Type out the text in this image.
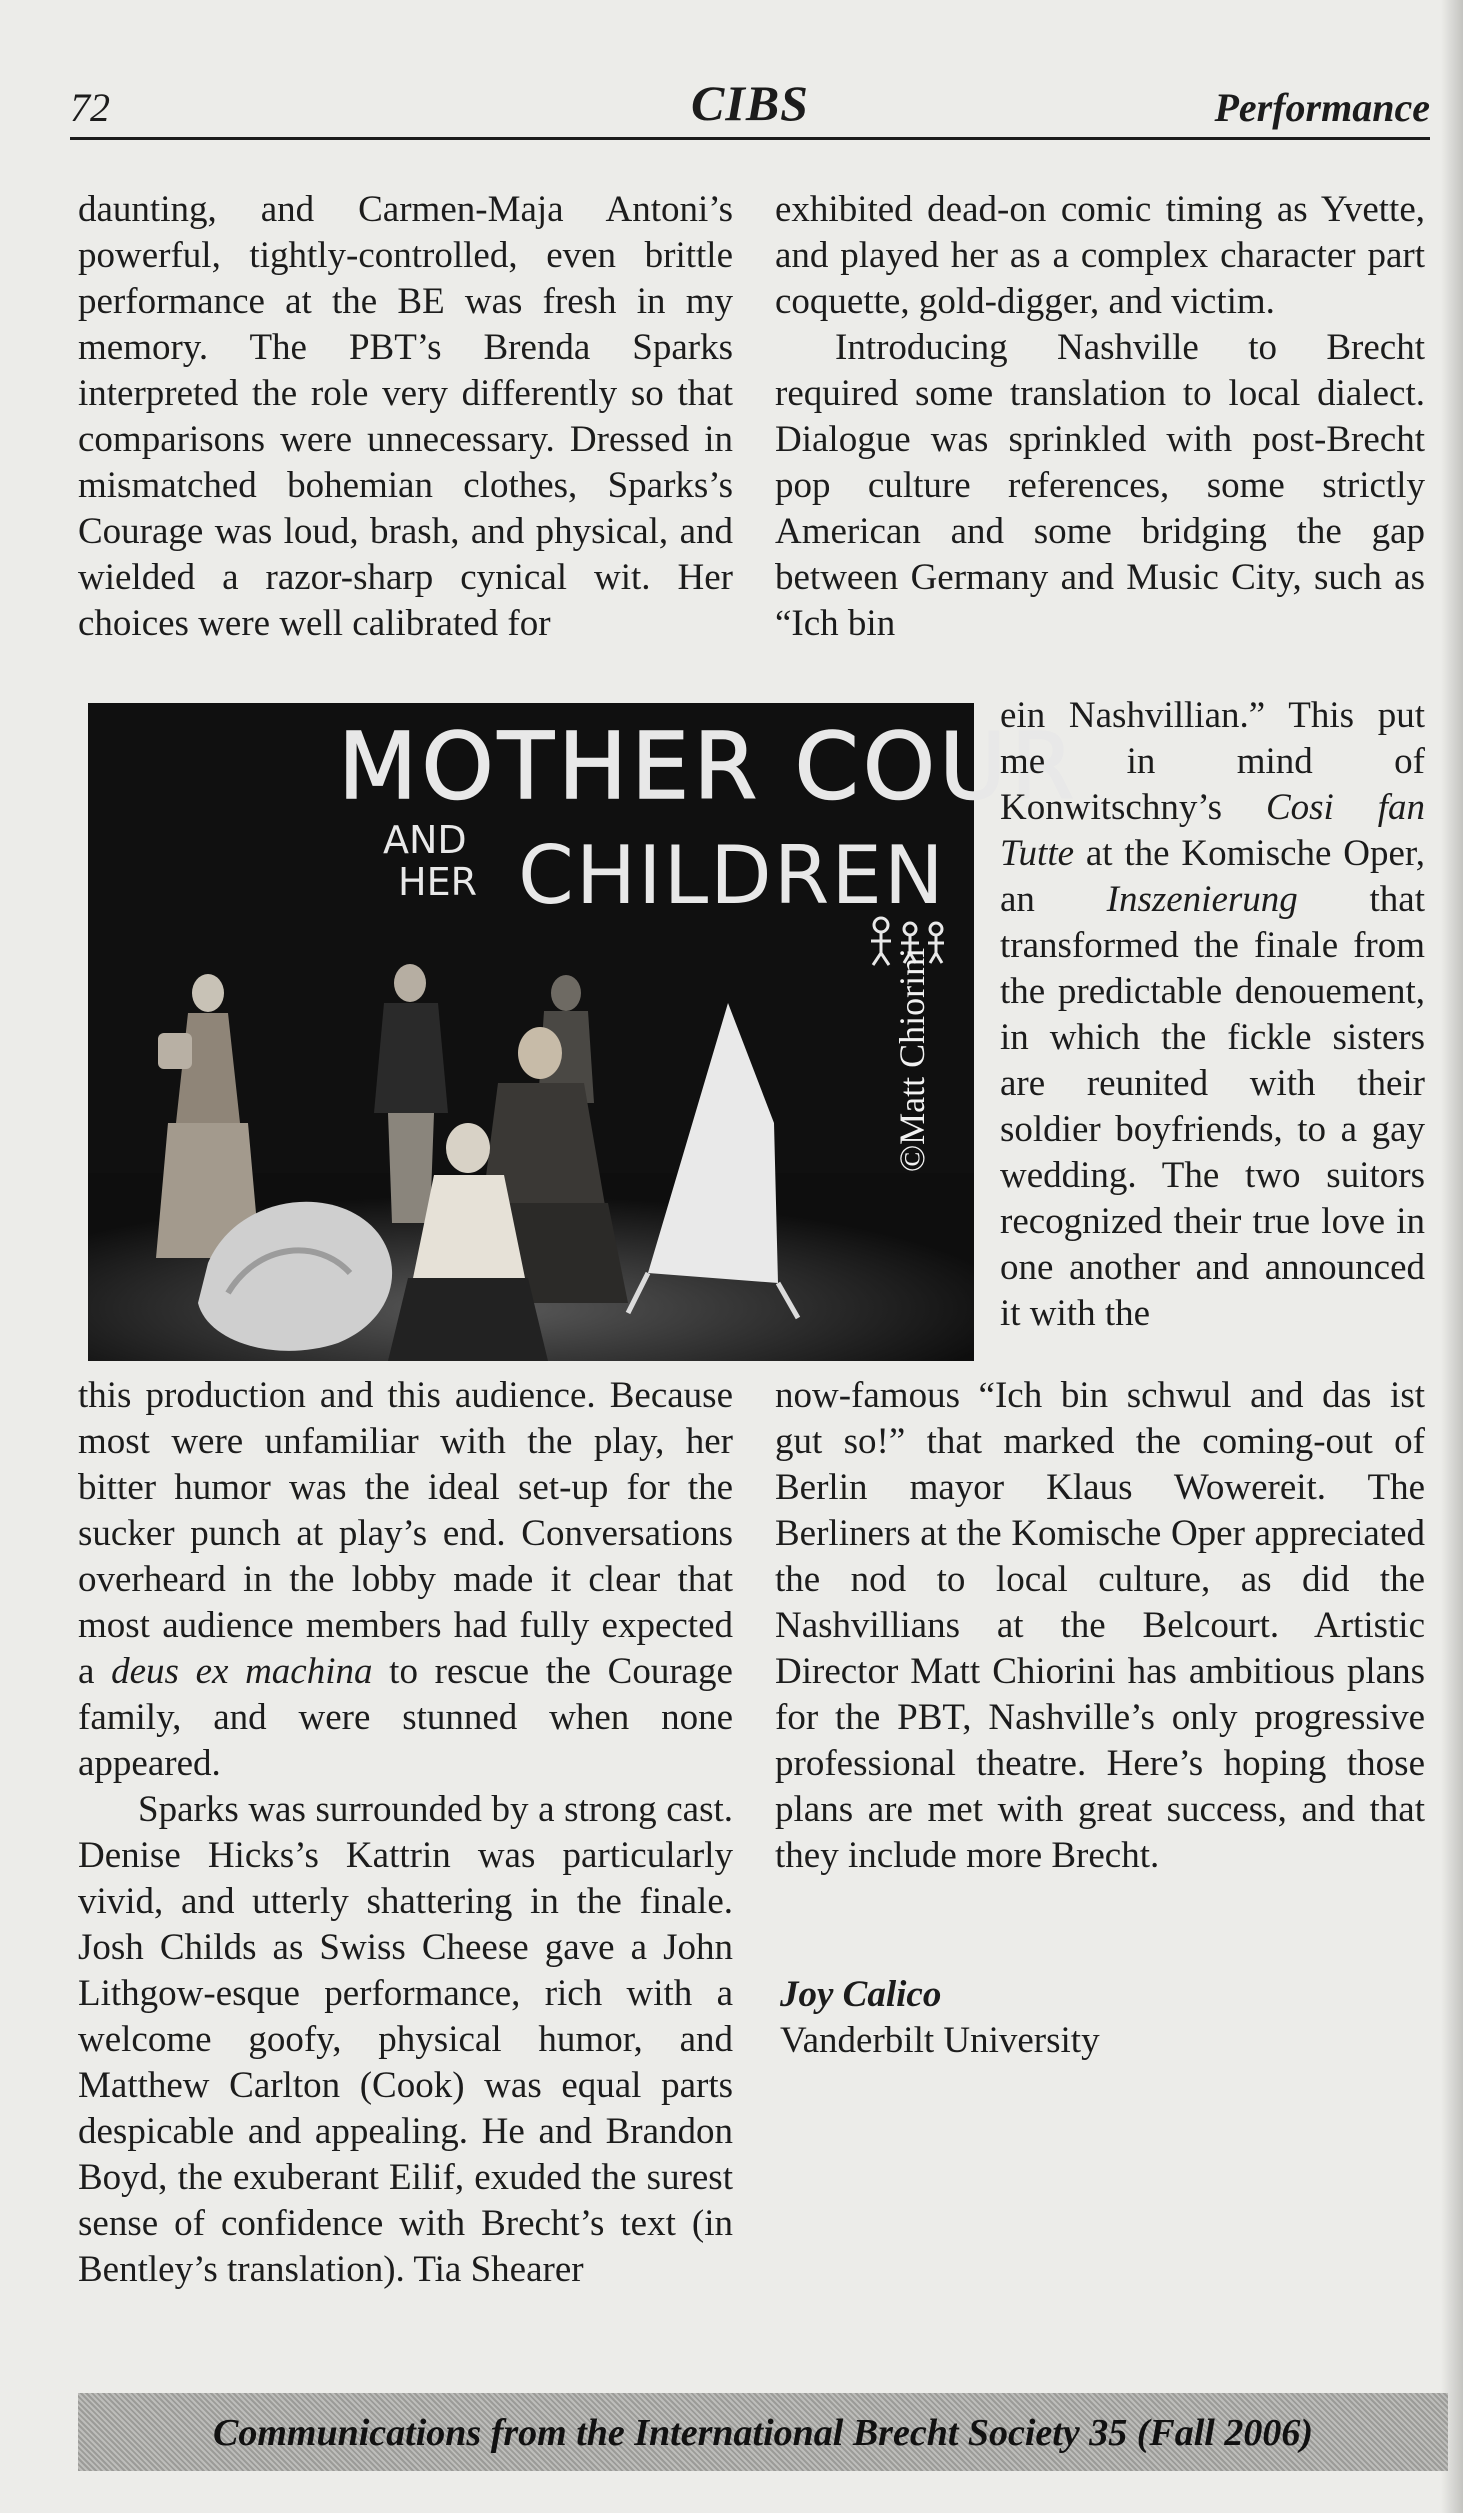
72	CIBS	Performance

daunting, and Carmen-Maja Antoni’s powerful, tightly-controlled, even brittle performance at the BE was fresh in my memory. The PBT’s Brenda Sparks interpreted the role very differently so that comparisons were unnecessary. Dressed in mismatched bohemian clothes, Sparks’s Courage was loud, brash, and physical, and wielded a razor-sharp cynical wit. Her choices were well calibrated for

MOTHER COUR
AND
HER CHILDREN
©Matt Chiorini

this production and this audience. Because most were unfamiliar with the play, her bitter humor was the ideal set-up for the sucker punch at play’s end. Conversations overheard in the lobby made it clear that most audience members had fully expected a deus ex machina to rescue the Courage family, and were stunned when none appeared.

Sparks was surrounded by a strong cast. Denise Hicks’s Kattrin was particularly vivid, and utterly shattering in the finale. Josh Childs as Swiss Cheese gave a John Lithgow-esque performance, rich with a welcome goofy, physical humor, and Matthew Carlton (Cook) was equal parts despicable and appealing. He and Brandon Boyd, the exuberant Eilif, exuded the surest sense of confidence with Brecht’s text (in Bentley’s translation). Tia Shearer

exhibited dead-on comic timing as Yvette, and played her as a complex character part coquette, gold-digger, and victim.

Introducing Nashville to Brecht required some translation to local dialect. Dialogue was sprinkled with post-Brecht pop culture references, some strictly American and some bridging the gap between Germany and Music City, such as “Ich bin

ein Nashvillian.” This put me in mind of Konwitschny’s Cosi fan Tutte at the Komische Oper, an Inszenierung that transformed the finale from the predictable denouement, in which the fickle sisters are reunited with their soldier boyfriends, to a gay wedding. The two suitors recognized their true love in one another and announced it with the

now-famous “Ich bin schwul and das ist gut so!” that marked the coming-out of Berlin mayor Klaus Wowereit. The Berliners at the Komische Oper appreciated the nod to local culture, as did the Nashvillians at the Belcourt. Artistic Director Matt Chiorini has ambitious plans for the PBT, Nashville’s only progressive professional theatre. Here’s hoping those plans are met with great success, and that they include more Brecht.

Joy Calico
Vanderbilt University
Communications from the International Brecht Society 35 (Fall 2006)
